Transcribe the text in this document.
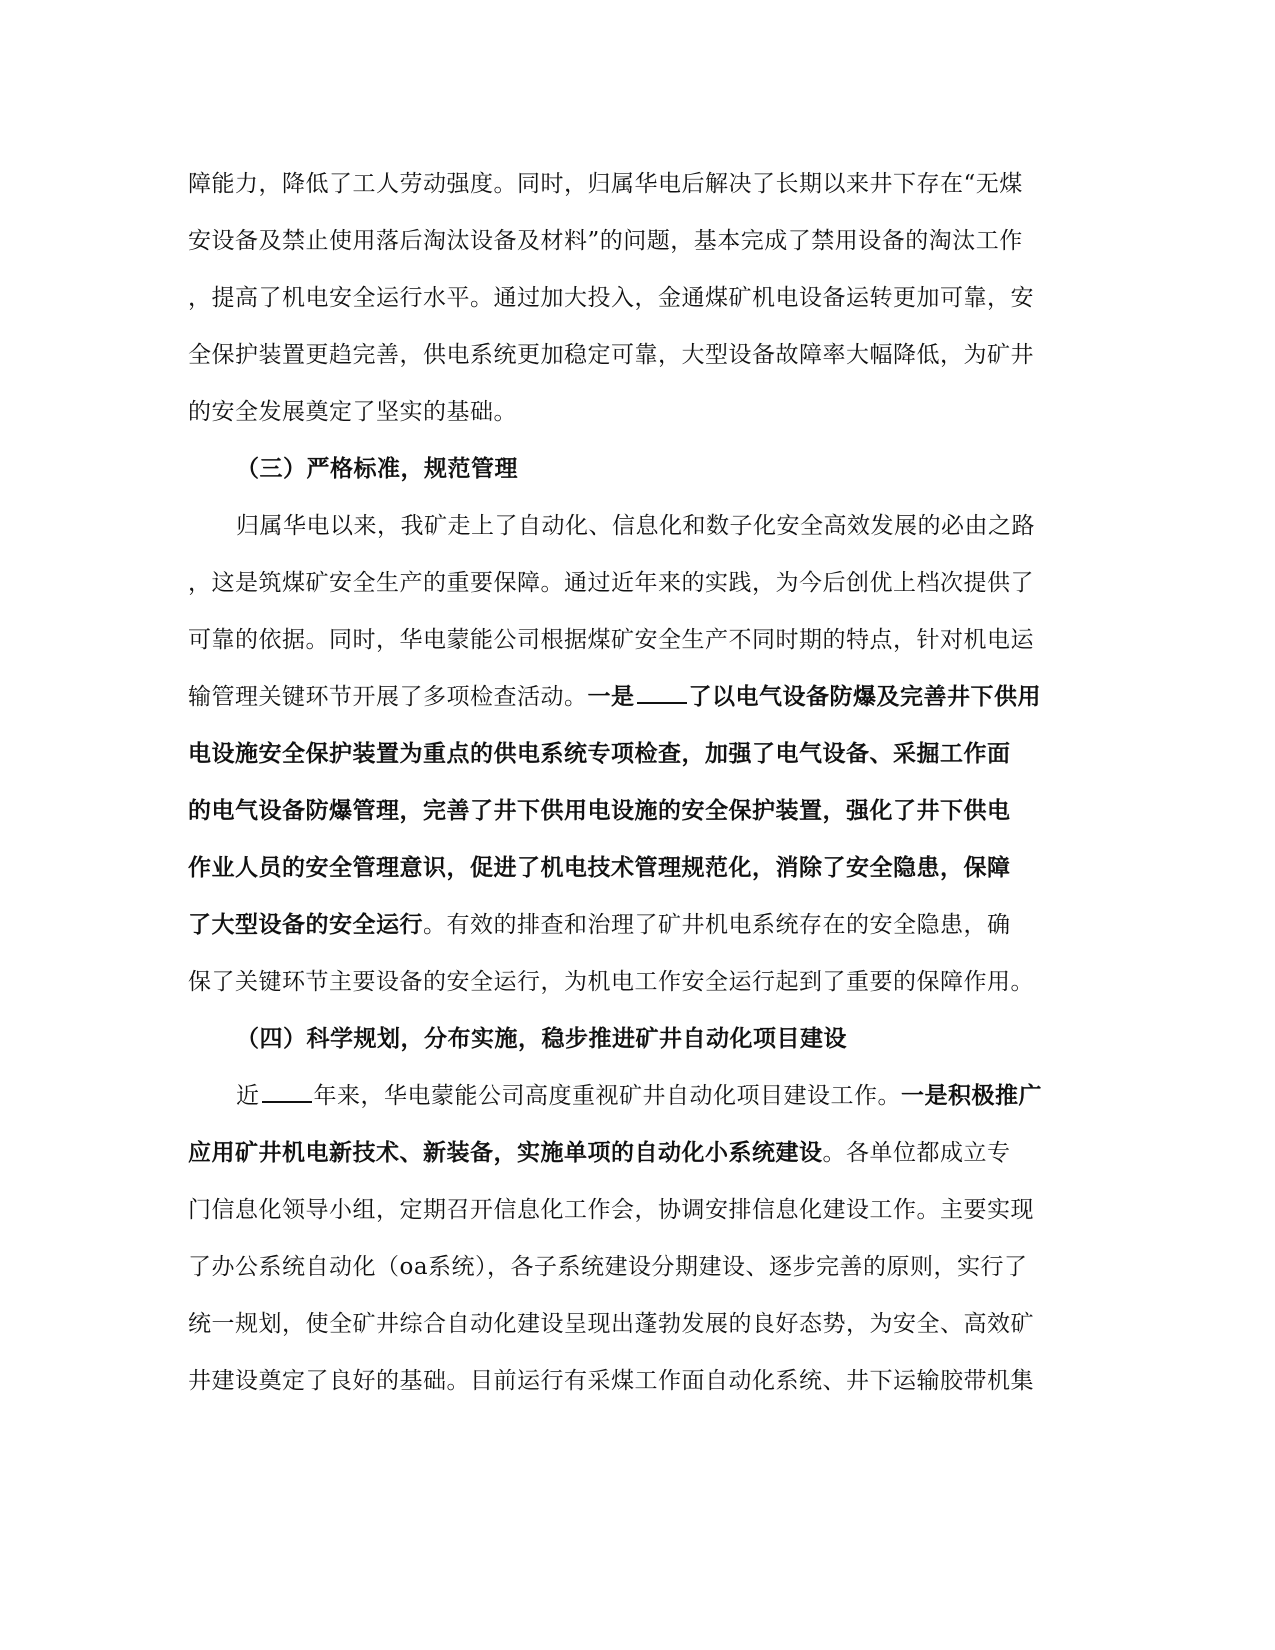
障能力，降低了工人劳动强度。同时，归属华电后解决了长期以来井下存在“无煤
安设备及禁止使用落后淘汰设备及材料”的问题，基本完成了禁用设备的淘汰工作
，提高了机电安全运行水平。通过加大投入，金通煤矿机电设备运转更加可靠，安
全保护装置更趋完善，供电系统更加稳定可靠，大型设备故障率大幅降低，为矿井
的安全发展奠定了坚实的基础。
（三）严格标准，规范管理
归属华电以来，我矿走上了自动化、信息化和数子化安全高效发展的必由之路
，这是筑煤矿安全生产的重要保障。通过近年来的实践，为今后创优上档次提供了
可靠的依据。同时，华电蒙能公司根据煤矿安全生产不同时期的特点，针对机电运
输管理关键环节开展了多项检查活动。一是 了以电气设备防爆及完善井下供用
电设施安全保护装置为重点的供电系统专项检查，加强了电气设备、采掘工作面
的电气设备防爆管理，完善了井下供用电设施的安全保护装置，强化了井下供电
作业人员的安全管理意识，促进了机电技术管理规范化，消除了安全隐患，保障
了大型设备的安全运行。有效的排查和治理了矿井机电系统存在的安全隐患，确
保了关键环节主要设备的安全运行，为机电工作安全运行起到了重要的保障作用。
（四）科学规划，分布实施，稳步推进矿井自动化项目建设
近 年来，华电蒙能公司高度重视矿井自动化项目建设工作。一是积极推广
应用矿井机电新技术、新装备，实施单项的自动化小系统建设。各单位都成立专
门信息化领导小组，定期召开信息化工作会，协调安排信息化建设工作。主要实现
了办公系统自动化（oa系统），各子系统建设分期建设、逐步完善的原则，实行了
统一规划，使全矿井综合自动化建设呈现出蓬勃发展的良好态势，为安全、高效矿
井建设奠定了良好的基础。目前运行有采煤工作面自动化系统、井下运输胶带机集
